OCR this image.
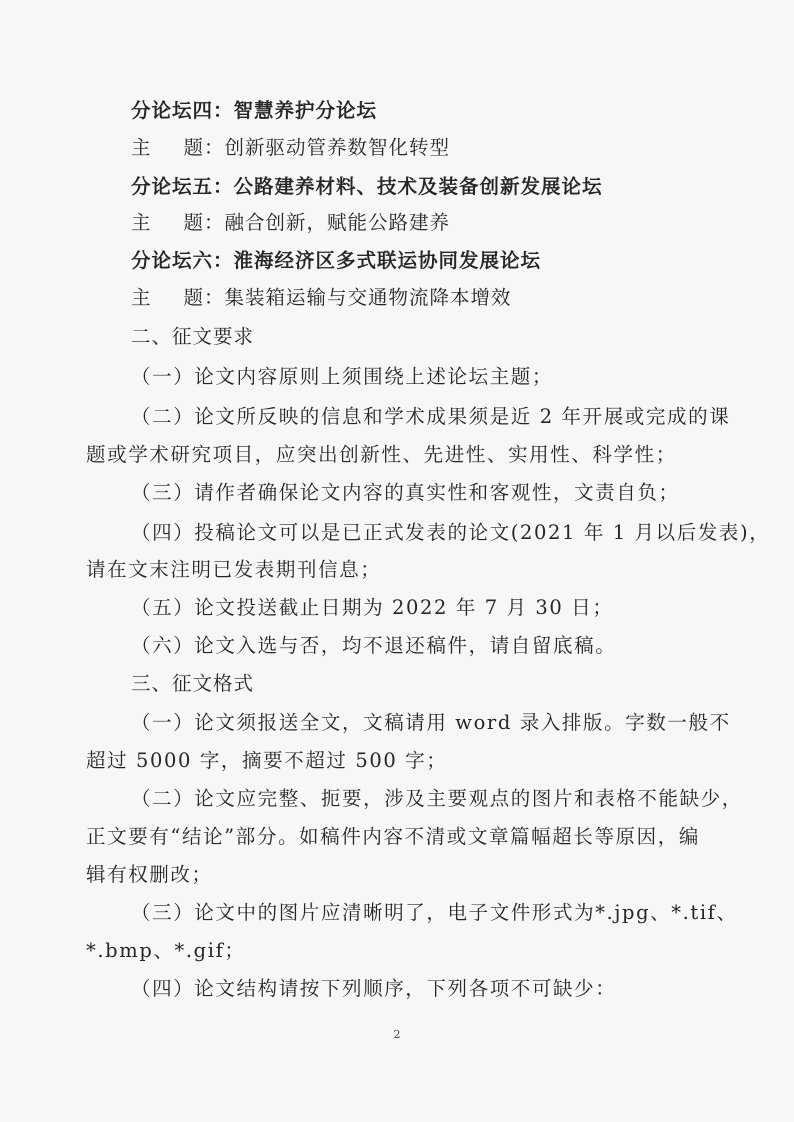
分论坛四：智慧养护分论坛
主 题：创新驱动管养数智化转型
分论坛五：公路建养材料、技术及装备创新发展论坛
主 题：融合创新，赋能公路建养
分论坛六：淮海经济区多式联运协同发展论坛
主 题：集装箱运输与交通物流降本增效
二、征文要求
（一）论文内容原则上须围绕上述论坛主题；
（二）论文所反映的信息和学术成果须是近 2 年开展或完成的课
题或学术研究项目，应突出创新性、先进性、实用性、科学性；
（三）请作者确保论文内容的真实性和客观性，文责自负；
（四）投稿论文可以是已正式发表的论文(2021 年 1 月以后发表)，
请在文末注明已发表期刊信息；
（五）论文投送截止日期为 2022 年 7 月 30 日；
（六）论文入选与否，均不退还稿件，请自留底稿。
三、征文格式
（一）论文须报送全文，文稿请用 word 录入排版。字数一般不
超过 5000 字，摘要不超过 500 字；
（二）论文应完整、扼要，涉及主要观点的图片和表格不能缺少，
正文要有“结论”部分。如稿件内容不清或文章篇幅超长等原因，编
辑有权删改；
（三）论文中的图片应清晰明了，电子文件形式为*.jpg、*.tif、
*.bmp、*.gif；
（四）论文结构请按下列顺序，下列各项不可缺少：
2
